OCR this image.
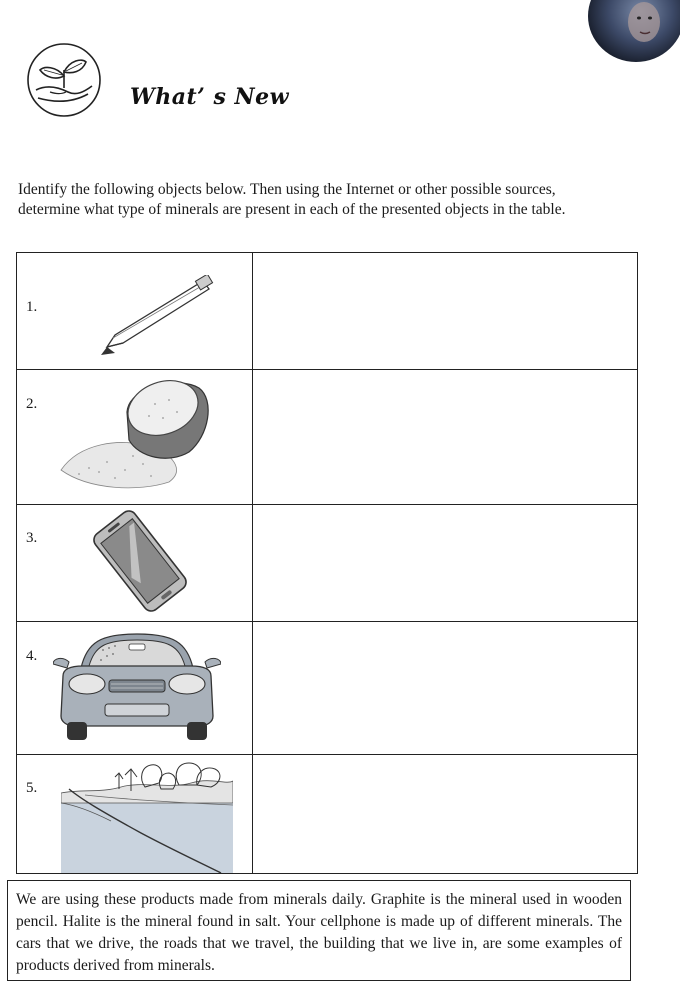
What’ s New
Identify the following objects below. Then using the Internet or other possible sources, determine what type of minerals are present in each of the presented objects in the table.
1.	

2.	

3.	

4.	

5.	

We are using these products made from minerals daily. Graphite is the mineral used in wooden pencil. Halite is the mineral found in salt. Your cellphone is made up of different minerals. The cars that we drive, the roads that we travel, the building that we live in, are some examples of products derived from minerals.
